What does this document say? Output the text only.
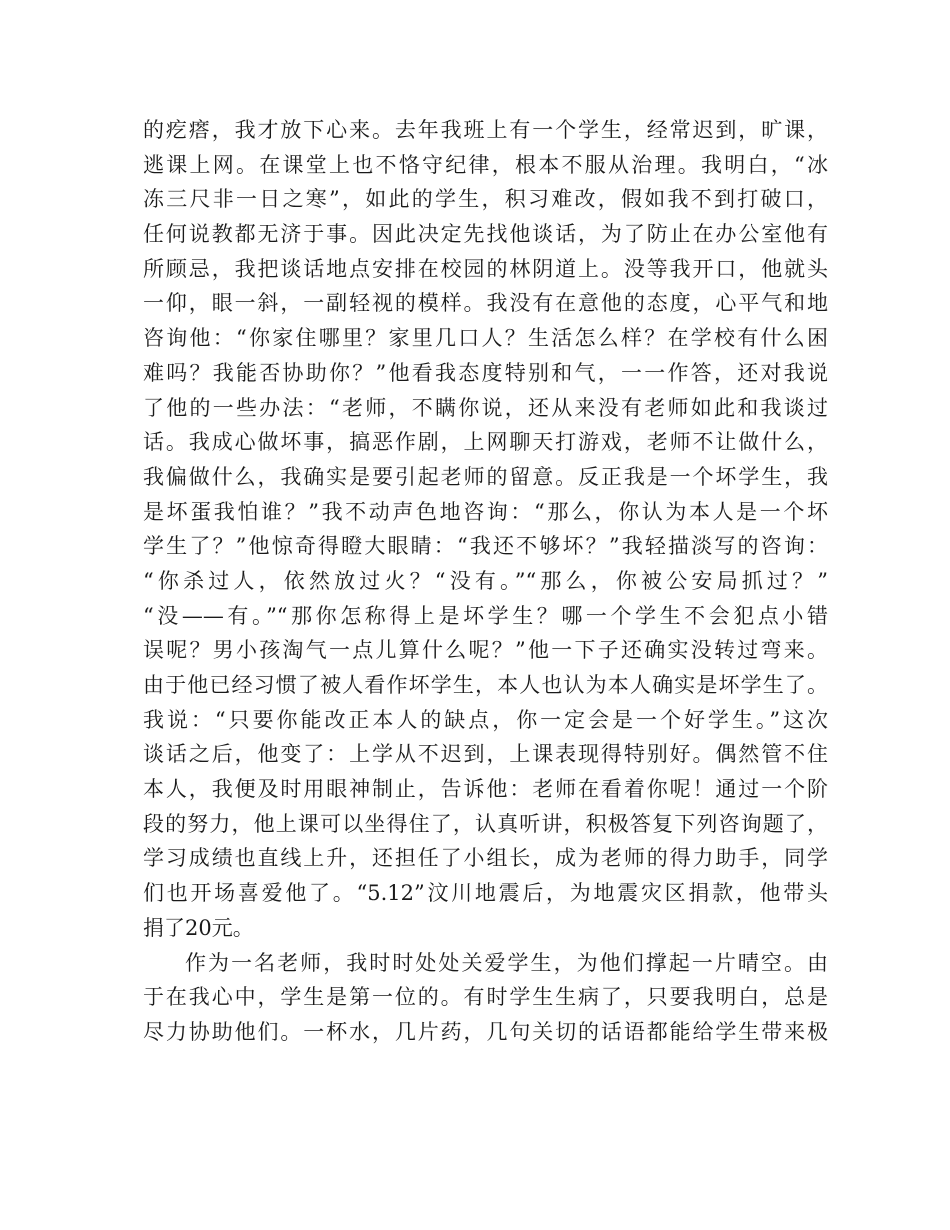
的疙瘩，我才放下心来。去年我班上有一个学生，经常迟到，旷课，
逃课上网。在课堂上也不恪守纪律，根本不服从治理。我明白，“冰
冻三尺非一日之寒”，如此的学生，积习难改，假如我不到打破口，
任何说教都无济于事。因此决定先找他谈话，为了防止在办公室他有
所顾忌，我把谈话地点安排在校园的林阴道上。没等我开口，他就头
一仰，眼一斜，一副轻视的模样。我没有在意他的态度，心平气和地
咨询他：“你家住哪里？家里几口人？生活怎么样？在学校有什么困
难吗？我能否协助你？”他看我态度特别和气，一一作答，还对我说
了他的一些办法：“老师，不瞒你说，还从来没有老师如此和我谈过
话。我成心做坏事，搞恶作剧，上网聊天打游戏，老师不让做什么，
我偏做什么，我确实是要引起老师的留意。反正我是一个坏学生，我
是坏蛋我怕谁？”我不动声色地咨询：“那么，你认为本人是一个坏
学生了？”他惊奇得瞪大眼睛：“我还不够坏？”我轻描淡写的咨询：
“你杀过人，依然放过火？“没有。”“那么，你被公安局抓过？”
“没——有。”“那你怎称得上是坏学生？哪一个学生不会犯点小错
误呢？男小孩淘气一点儿算什么呢？”他一下子还确实没转过弯来。
由于他已经习惯了被人看作坏学生，本人也认为本人确实是坏学生了。
我说：“只要你能改正本人的缺点，你一定会是一个好学生。”这次
谈话之后，他变了：上学从不迟到，上课表现得特别好。偶然管不住
本人，我便及时用眼神制止，告诉他：老师在看着你呢！通过一个阶
段的努力，他上课可以坐得住了，认真听讲，积极答复下列咨询题了，
学习成绩也直线上升，还担任了小组长，成为老师的得力助手，同学
们也开场喜爱他了。“5.12”汶川地震后，为地震灾区捐款，他带头
捐了20元。
作为一名老师，我时时处处关爱学生，为他们撑起一片晴空。由
于在我心中，学生是第一位的。有时学生生病了，只要我明白，总是
尽力协助他们。一杯水，几片药，几句关切的话语都能给学生带来极
